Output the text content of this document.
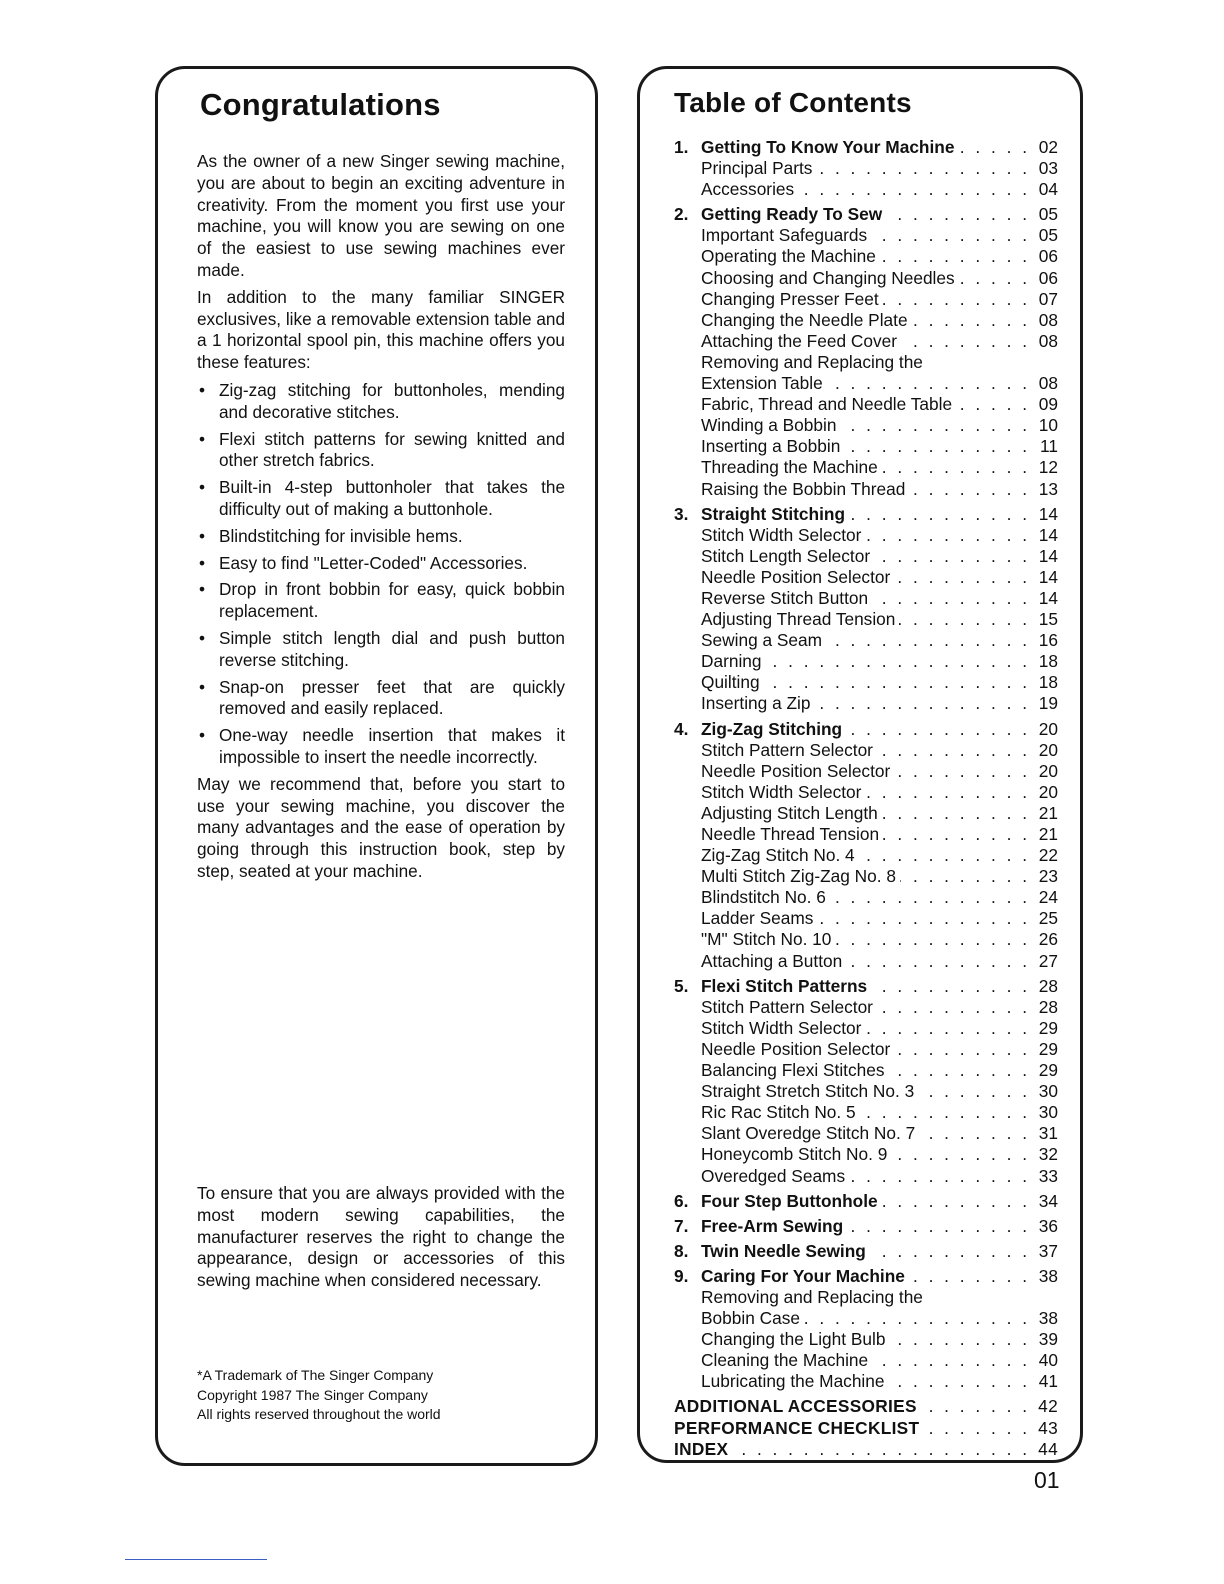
Congratulations

As the owner of a new Singer sewing machine, you are about to begin an exciting adventure in creativity. From the moment you first use your machine, you will know you are sewing on one of the easiest to use sewing machines ever made.

In addition to the many familiar SINGER exclusives, like a removable extension table and a 1 horizontal spool pin, this machine offers you these features:

• Zig-zag stitching for buttonholes, mending and decorative stitches.
• Flexi stitch patterns for sewing knitted and other stretch fabrics.
• Built-in 4-step buttonholer that takes the difficulty out of making a buttonhole.
• Blindstitching for invisible hems.
• Easy to find "Letter-Coded" Accessories.
• Drop in front bobbin for easy, quick bobbin replacement.
• Simple stitch length dial and push button reverse stitching.
• Snap-on presser feet that are quickly removed and easily replaced.
• One-way needle insertion that makes it impossible to insert the needle incorrectly.

May we recommend that, before you start to use your sewing machine, you discover the many advantages and the ease of operation by going through this instruction book, step by step, seated at your machine.

To ensure that you are always provided with the most modern sewing capabilities, the manufacturer reserves the right to change the appearance, design or accessories of this sewing machine when considered necessary.

*A Trademark of The Singer Company
Copyright 1987 The Singer Company
All rights reserved throughout the world
Table of Contents
1. Getting To Know Your Machine . . .	02
Principal Parts . . .	03
Accessories . . .	04
2. Getting Ready To Sew . . .	05
Important Safeguards . . .	05
Operating the Machine . . .	06
Choosing and Changing Needles . . .	06
Changing Presser Feet . . .	07
Changing the Needle Plate . . .	08
Attaching the Feed Cover . . .	08
Removing and Replacing the
Extension Table . . .	08
Fabric, Thread and Needle Table . . .	09
Winding a Bobbin . . .	10
Inserting a Bobbin . . .	11
Threading the Machine . . .	12
Raising the Bobbin Thread . . .	13
3. Straight Stitching . . .	14
Stitch Width Selector . . .	14
Stitch Length Selector . . .	14
Needle Position Selector . . .	14
Reverse Stitch Button . . .	14
Adjusting Thread Tension . . .	15
Sewing a Seam . . .	16
Darning . . .	18
Quilting . . .	18
Inserting a Zip . . .	19
4. Zig-Zag Stitching . . .	20
Stitch Pattern Selector . . .	20
Needle Position Selector . . .	20
Stitch Width Selector . . .	20
Adjusting Stitch Length . . .	21
Needle Thread Tension . . .	21
Zig-Zag Stitch No. 4 . . .	22
Multi Stitch Zig-Zag No. 8 . . .	23
Blindstitch No. 6 . . .	24
Ladder Seams . . .	25
"M" Stitch No. 10 . . .	26
Attaching a Button . . .	27
5. Flexi Stitch Patterns . . .	28
Stitch Pattern Selector . . .	28
Stitch Width Selector . . .	29
Needle Position Selector . . .	29
Balancing Flexi Stitches . . .	29
Straight Stretch Stitch No. 3 . . .	30
Ric Rac Stitch No. 5 . . .	30
Slant Overedge Stitch No. 7 . . .	31
Honeycomb Stitch No. 9 . . .	32
Overedged Seams . . .	33
6. Four Step Buttonhole . . .	34
7. Free-Arm Sewing . . .	36
8. Twin Needle Sewing . . .	37
9. Caring For Your Machine . . .	38
Removing and Replacing the
Bobbin Case . . .	38
Changing the Light Bulb . . .	39
Cleaning the Machine . . .	40
Lubricating the Machine . . .	41
ADDITIONAL ACCESSORIES . . .	42
PERFORMANCE CHECKLIST . . .	43
INDEX . . .	44
01
